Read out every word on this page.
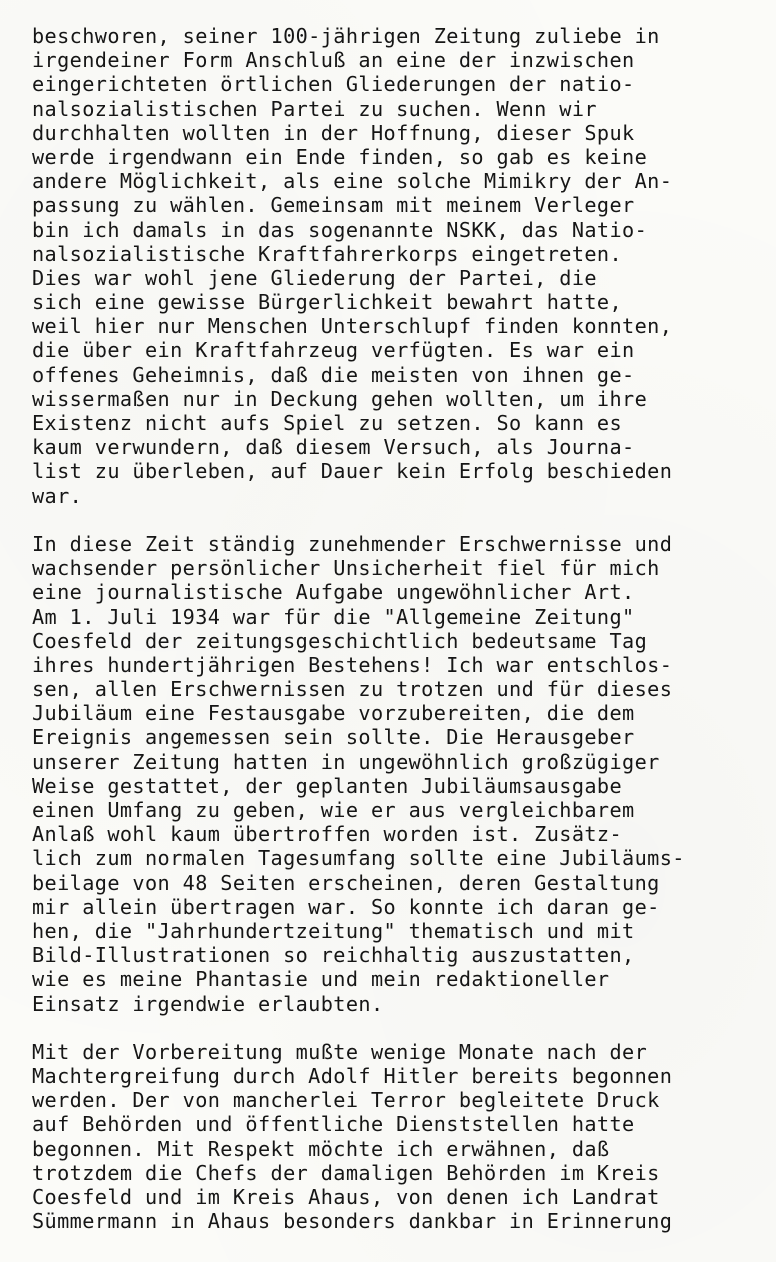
beschworen, seiner 100-jährigen Zeitung zuliebe in
irgendeiner Form Anschluß an eine der inzwischen
eingerichteten örtlichen Gliederungen der natio-
nalsozialistischen Partei zu suchen. Wenn wir
durchhalten wollten in der Hoffnung, dieser Spuk
werde irgendwann ein Ende finden, so gab es keine
andere Möglichkeit, als eine solche Mimikry der An-
passung zu wählen. Gemeinsam mit meinem Verleger
bin ich damals in das sogenannte NSKK, das Natio-
nalsozialistische Kraftfahrerkorps eingetreten.
Dies war wohl jene Gliederung der Partei, die
sich eine gewisse Bürgerlichkeit bewahrt hatte,
weil hier nur Menschen Unterschlupf finden konnten,
die über ein Kraftfahrzeug verfügten. Es war ein
offenes Geheimnis, daß die meisten von ihnen ge-
wissermaßen nur in Deckung gehen wollten, um ihre
Existenz nicht aufs Spiel zu setzen. So kann es
kaum verwundern, daß diesem Versuch, als Journa-
list zu überleben, auf Dauer kein Erfolg beschieden
war.
In diese Zeit ständig zunehmender Erschwernisse und
wachsender persönlicher Unsicherheit fiel für mich
eine journalistische Aufgabe ungewöhnlicher Art.
Am 1. Juli 1934 war für die "Allgemeine Zeitung"
Coesfeld der zeitungsgeschichtlich bedeutsame Tag
ihres hundertjährigen Bestehens! Ich war entschlos-
sen, allen Erschwernissen zu trotzen und für dieses
Jubiläum eine Festausgabe vorzubereiten, die dem
Ereignis angemessen sein sollte. Die Herausgeber
unserer Zeitung hatten in ungewöhnlich großzügiger
Weise gestattet, der geplanten Jubiläumsausgabe
einen Umfang zu geben, wie er aus vergleichbarem
Anlaß wohl kaum übertroffen worden ist. Zusätz-
lich zum normalen Tagesumfang sollte eine Jubiläums-
beilage von 48 Seiten erscheinen, deren Gestaltung
mir allein übertragen war. So konnte ich daran ge-
hen, die "Jahrhundertzeitung" thematisch und mit
Bild-Illustrationen so reichhaltig auszustatten,
wie es meine Phantasie und mein redaktioneller
Einsatz irgendwie erlaubten.
Mit der Vorbereitung mußte wenige Monate nach der
Machtergreifung durch Adolf Hitler bereits begonnen
werden. Der von mancherlei Terror begleitete Druck
auf Behörden und öffentliche Dienststellen hatte
begonnen. Mit Respekt möchte ich erwähnen, daß
trotzdem die Chefs der damaligen Behörden im Kreis
Coesfeld und im Kreis Ahaus, von denen ich Landrat
Sümmermann in Ahaus besonders dankbar in Erinnerung
